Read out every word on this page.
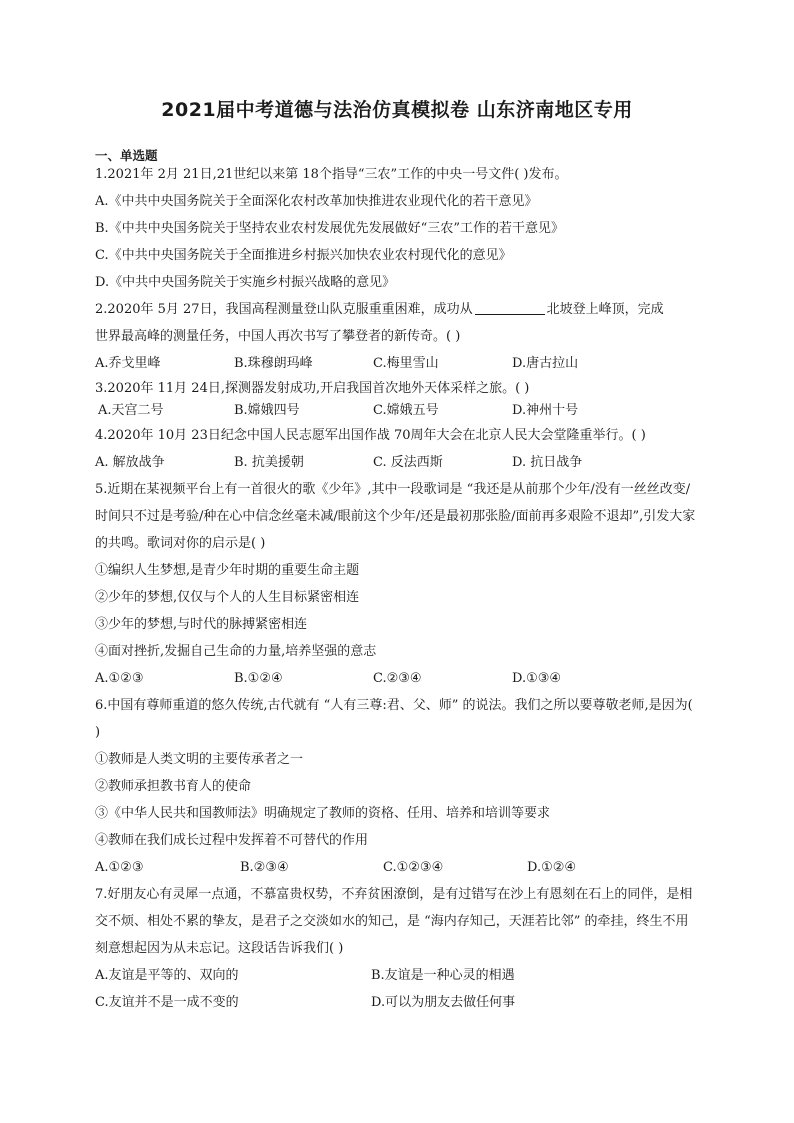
2021届中考道德与法治仿真模拟卷 山东济南地区专用
一、单选题
1.2021年 2月 21日,21世纪以来第 18个指导“三农”工作的中央一号文件( )发布。
A.《中共中央国务院关于全面深化农村改革加快推进农业现代化的若干意见》
B.《中共中央国务院关于坚持农业农村发展优先发展做好“三农”工作的若干意见》
C.《中共中央国务院关于全面推进乡村振兴加快农业农村现代化的意见》
D.《中共中央国务院关于实施乡村振兴战略的意见》
2.2020年 5月 27日，我国高程测量登山队克服重重困难，成功从	北坡登上峰顶，完成
世界最高峰的测量任务，中国人再次书写了攀登者的新传奇。( )
A.乔戈里峰	B.珠穆朗玛峰	C.梅里雪山	D.唐古拉山
3.2020年 11月 24日,探测器发射成功,开启我国首次地外天体采样之旅。( )
A.天宫二号	B.嫦娥四号	C.嫦娥五号	D.神州十号
4.2020年 10月 23日纪念中国人民志愿军出国作战 70周年大会在北京人民大会堂隆重举行。( )
A. 解放战争	B. 抗美援朝	C. 反法西斯	D. 抗日战争
5.近期在某视频平台上有一首很火的歌《少年》,其中一段歌词是 “我还是从前那个少年/没有一丝丝改变/时间只不过是考验/种在心中信念丝毫未减/眼前这个少年/还是最初那张脸/面前再多艰险不退却”,引发大家的共鸣。歌词对你的启示是( )
①编织人生梦想,是青少年时期的重要生命主题
②少年的梦想,仅仅与个人的人生目标紧密相连
③少年的梦想,与时代的脉搏紧密相连
④面对挫折,发掘自己生命的力量,培养坚强的意志
A.①②③	B.①②④	C.②③④	D.①③④
6.中国有尊师重道的悠久传统,古代就有 “人有三尊:君、父、师” 的说法。我们之所以要尊敬老师,是因为( )
①教师是人类文明的主要传承者之一
②教师承担教书育人的使命
③《中华人民共和国教师法》明确规定了教师的资格、任用、培养和培训等要求
④教师在我们成长过程中发挥着不可替代的作用
A.①②③	B.②③④	C.①②③④	D.①②④
7.好朋友心有灵犀一点通，不慕富贵权势，不弃贫困潦倒，是有过错写在沙上有恩刻在石上的同伴，是相交不烦、相处不累的挚友，是君子之交淡如水的知己，是 “海内存知己，天涯若比邻” 的牵挂，终生不用刻意想起因为从未忘记。这段话告诉我们( )
A.友谊是平等的、双向的	B.友谊是一种心灵的相遇
C.友谊并不是一成不变的	D.可以为朋友去做任何事
